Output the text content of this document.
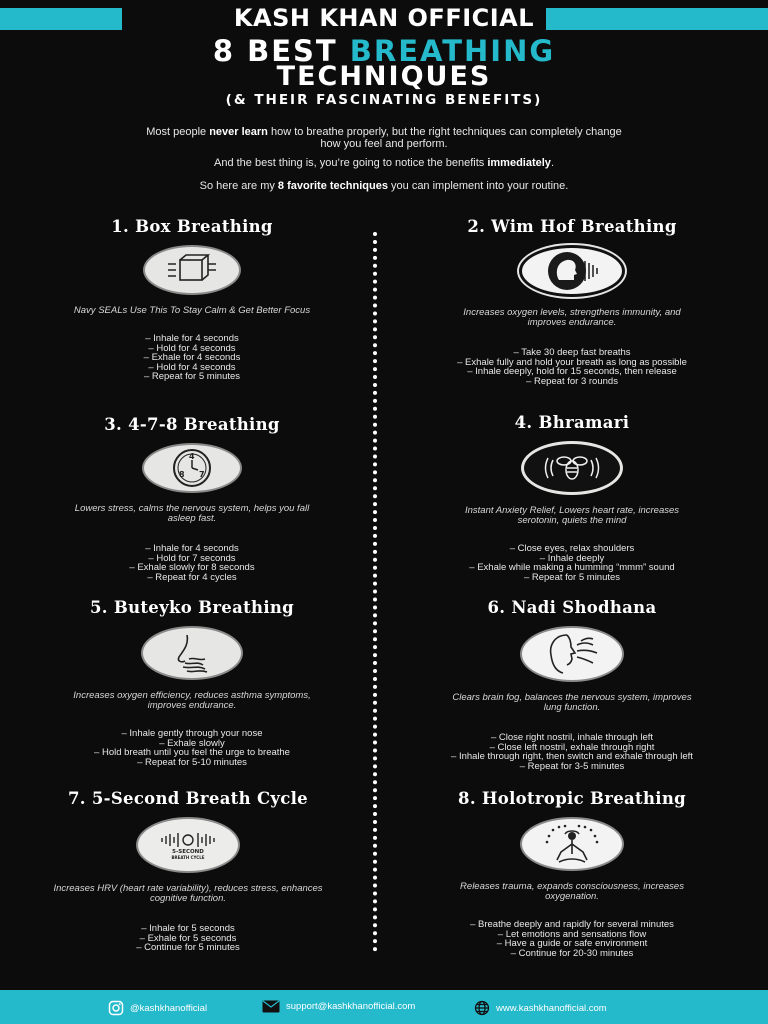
KASH KHAN OFFICIAL
8 BEST BREATHING
TECHNIQUES
(& THEIR FASCINATING BENEFITS)
Most people never learn how to breathe properly, but the right techniques can completely change how you feel and perform.
And the best thing is, you’re going to notice the benefits immediately.
So here are my 8 favorite techniques you can implement into your routine.
1. Box Breathing
Navy SEALs Use This To Stay Calm & Get Better Focus
– Inhale for 4 seconds
– Hold for 4 seconds
– Exhale for 4 seconds
– Hold for 4 seconds
– Repeat for 5 minutes
2. Wim Hof Breathing
Increases oxygen levels, strengthens immunity, and improves endurance.
– Take 30 deep fast breaths
– Exhale fully and hold your breath as long as possible
– Inhale deeply, hold for 15 seconds, then release
– Repeat for 3 rounds
3. 4-7-8 Breathing
4
7
8
Lowers stress, calms the nervous system, helps you fall asleep fast.
– Inhale for 4 seconds
– Hold for 7 seconds
– Exhale slowly for 8 seconds
– Repeat for 4 cycles
4. Bhramari
Instant Anxiety Relief, Lowers heart rate, increases serotonin, quiets the mind
– Close eyes, relax shoulders
– Inhale deeply
– Exhale while making a humming “mmm” sound
– Repeat for 5 minutes
5. Buteyko Breathing
Increases oxygen efficiency, reduces asthma symptoms, improves endurance.
– Inhale gently through your nose
– Exhale slowly
– Hold breath until you feel the urge to breathe
– Repeat for 5-10 minutes
6. Nadi Shodhana
Clears brain fog, balances the nervous system, improves lung function.
– Close right nostril, inhale through left
– Close left nostril, exhale through right
– Inhale through right, then switch and exhale through left
– Repeat for 3-5 minutes
7. 5-Second Breath Cycle
5-SECOND
BREATH CYCLE
Increases HRV (heart rate variability), reduces stress, enhances cognitive function.
– Inhale for 5 seconds
– Exhale for 5 seconds
– Continue for 5 minutes
8. Holotropic Breathing
Releases trauma, expands consciousness, increases oxygenation.
– Breathe deeply and rapidly for several minutes
– Let emotions and sensations flow
– Have a guide or safe environment
– Continue for 20-30 minutes
@kashkhanofficial	support@kashkhanofficial.com	www.kashkhanofficial.com
